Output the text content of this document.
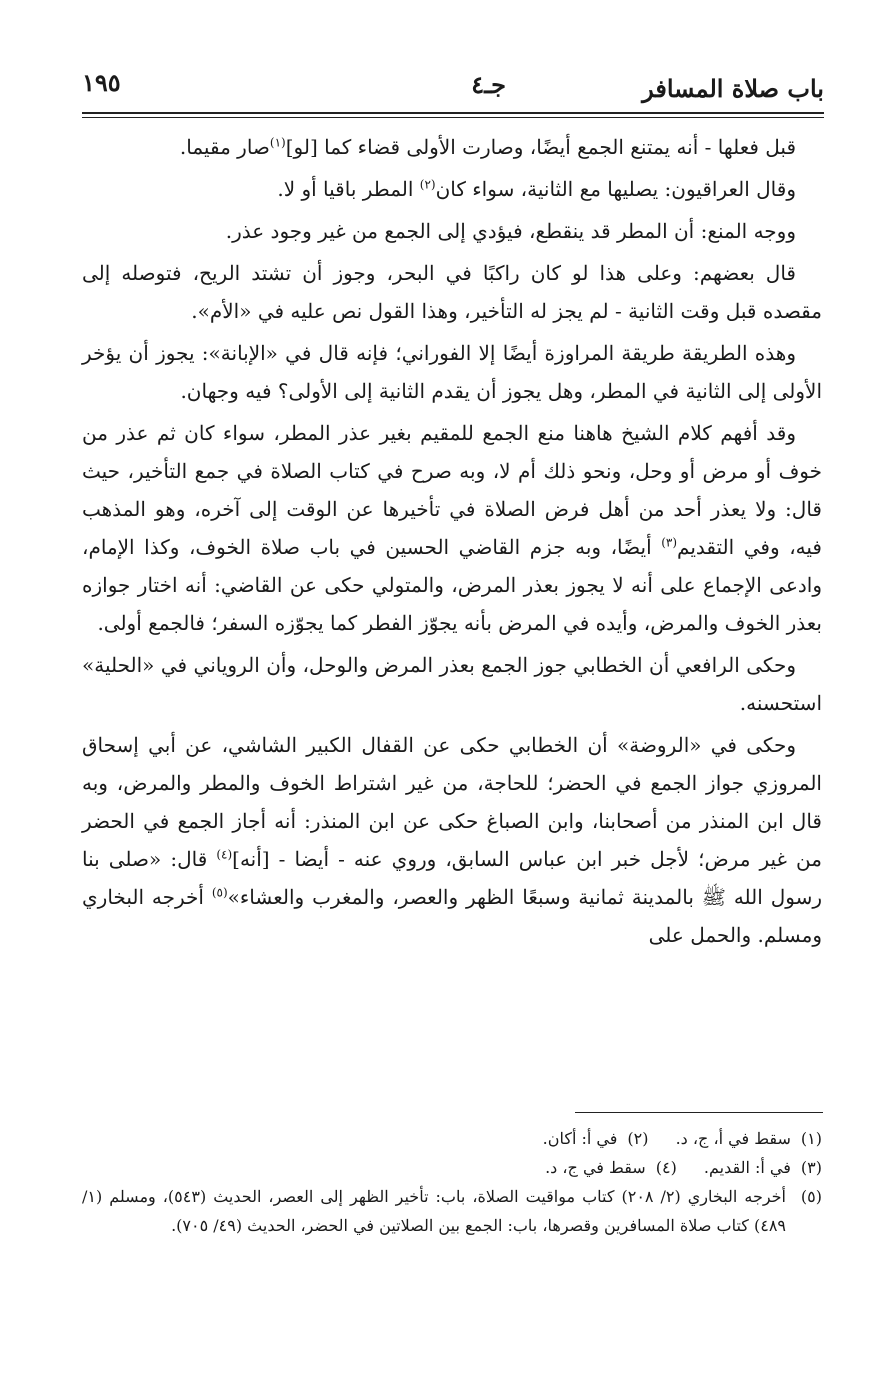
باب صلاة المسافر
جـ٤
١٩٥

قبل فعلها - أنه يمتنع الجمع أيضًا، وصارت الأولى قضاء كما [لو]$^{(١)}$صار مقيما.

وقال العراقيون: يصليها مع الثانية، سواء كان$^{(٢)}$ المطر باقيا أو لا.

ووجه المنع: أن المطر قد ينقطع، فيؤدي إلى الجمع من غير وجود عذر.

قال بعضهم: وعلى هذا لو كان راكبًا في البحر، وجوز أن تشتد الريح، فتوصله إلى مقصده قبل وقت الثانية - لم يجز له التأخير، وهذا القول نص عليه في «الأم».

وهذه الطريقة طريقة المراوزة أيضًا إلا الفوراني؛ فإنه قال في «الإبانة»: يجوز أن يؤخر الأولى إلى الثانية في المطر، وهل يجوز أن يقدم الثانية إلى الأولى؟ فيه وجهان.

وقد أفهم كلام الشيخ هاهنا منع الجمع للمقيم بغير عذر المطر، سواء كان ثم عذر من خوف أو مرض أو وحل، ونحو ذلك أم لا، وبه صرح في كتاب الصلاة في جمع التأخير، حيث قال: ولا يعذر أحد من أهل فرض الصلاة في تأخيرها عن الوقت إلى آخره، وهو المذهب فيه، وفي التقديم$^{(٣)}$ أيضًا، وبه جزم القاضي الحسين في باب صلاة الخوف، وكذا الإمام، وادعى الإجماع على أنه لا يجوز بعذر المرض، والمتولي حكى عن القاضي: أنه اختار جوازه بعذر الخوف والمرض، وأيده في المرض بأنه يجوّز الفطر كما يجوّزه السفر؛ فالجمع أولى.

وحكى الرافعي أن الخطابي جوز الجمع بعذر المرض والوحل، وأن الروياني في «الحلية» استحسنه.

وحكى في «الروضة» أن الخطابي حكى عن القفال الكبير الشاشي، عن أبي إسحاق المروزي جواز الجمع في الحضر؛ للحاجة، من غير اشتراط الخوف والمطر والمرض، وبه قال ابن المنذر من أصحابنا، وابن الصباغ حكى عن ابن المنذر: أنه أجاز الجمع في الحضر من غير مرض؛ لأجل خبر ابن عباس السابق، وروي عنه - أيضا - [أنه]$^{(٤)}$ قال: «صلى بنا رسول الله ﷺ بالمدينة ثمانية وسبعًا الظهر والعصر، والمغرب والعشاء»$^{(٥)}$ أخرجه البخاري ومسلم. والحمل على

(١) سقط في أ، ج، د. (٢) في أ: أكان.
(٣) في أ: القديم. (٤) سقط في ج، د.
(٥)
أخرجه البخاري (٢/ ٢٠٨) كتاب مواقيت الصلاة، باب: تأخير الظهر إلى العصر، الحديث (٥٤٣)، ومسلم (١/ ٤٨٩) كتاب صلاة المسافرين وقصرها، باب: الجمع بين الصلاتين في الحضر، الحديث (٤٩/ ٧٠٥).
